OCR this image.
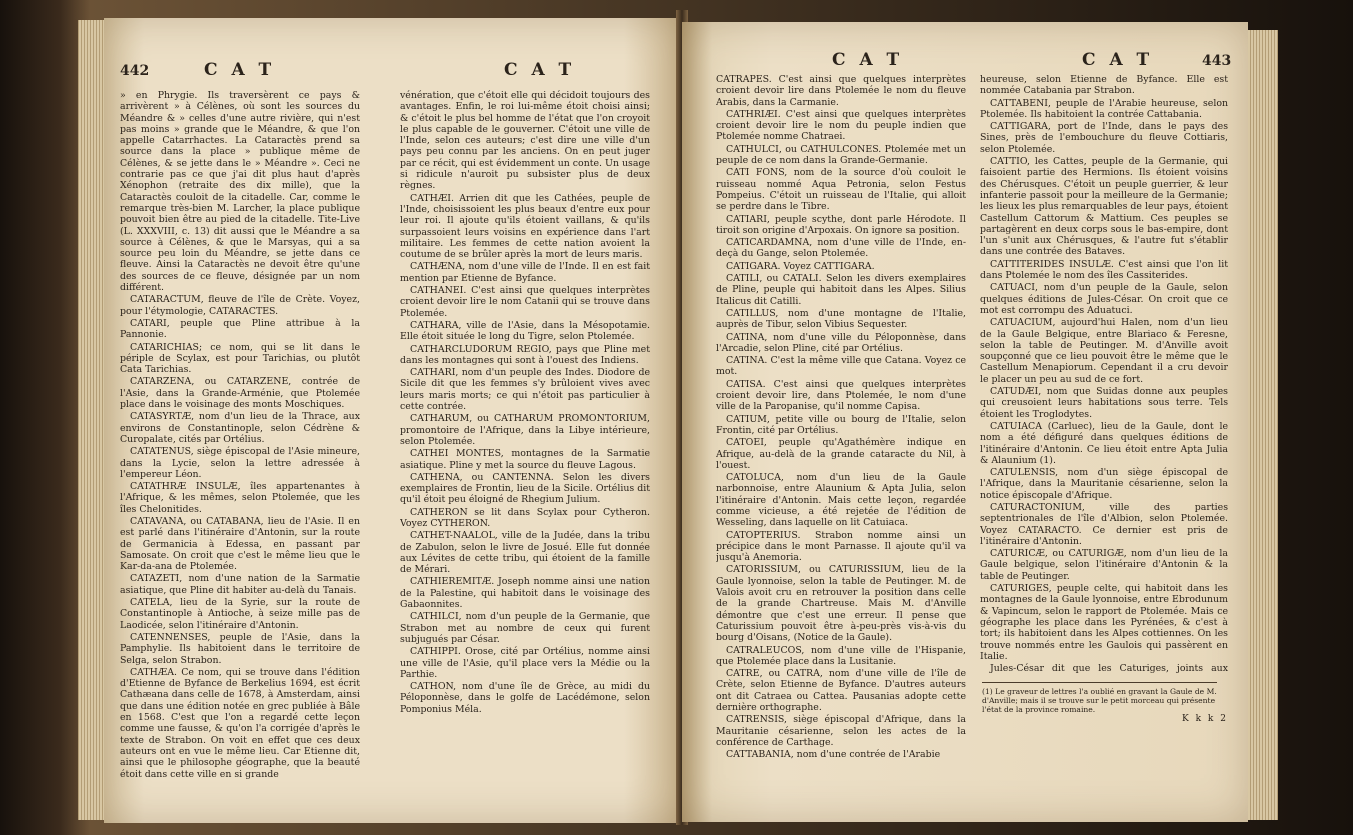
442	C A T	C A T

» en Phrygie. Ils traversèrent ce pays & arrivèrent » à Célènes, où sont les sources du Méandre & » celles d'une autre rivière, qui n'est pas moins » grande que le Méandre, & que l'on appelle Catarrhactes. La Cataractès prend sa source dans la place » publique même de Célènes, & se jette dans le » Méandre ». Ceci ne contrarie pas ce que j'ai dit plus haut d'après Xénophon (retraite des dix mille), que la Cataractès couloit de la citadelle. Car, comme le remarque très-bien M. Larcher, la place publique pouvoit bien être au pied de la citadelle. Tite-Live (L. XXXVIII, c. 13) dit aussi que le Méandre a sa source à Célènes, & que le Marsyas, qui a sa source peu loin du Méandre, se jette dans ce fleuve. Ainsi la Cataractès ne devoit être qu'une des sources de ce fleuve, désignée par un nom différent.

CATARACTUM, fleuve de l'île de Crète. Voyez, pour l'étymologie, CATARACTES.

CATARI, peuple que Pline attribue à la Pannonie.

CATARICHIAS; ce nom, qui se lit dans le périple de Scylax, est pour Tarichias, ou plutôt Cata Tarichias.

CATARZENA, ou CATARZENE, contrée de l'Asie, dans la Grande-Arménie, que Ptolemée place dans le voisinage des monts Moschiques.

CATASYRTÆ, nom d'un lieu de la Thrace, aux environs de Constantinople, selon Cédrène & Curopalate, cités par Ortélius.

CATATENUS, siège épiscopal de l'Asie mineure, dans la Lycie, selon la lettre adressée à l'empereur Léon.

CATATHRÆ INSULÆ, îles appartenantes à l'Afrique, & les mêmes, selon Ptolemée, que les îles Chelonitides.

CATAVANA, ou CATABANA, lieu de l'Asie. Il en est parlé dans l'itinéraire d'Antonin, sur la route de Germanicia à Edessa, en passant par Samosate. On croit que c'est le même lieu que le Kar-da-ana de Ptolemée.

CATAZETI, nom d'une nation de la Sarmatie asiatique, que Pline dit habiter au-delà du Tanais.

CATELA, lieu de la Syrie, sur la route de Constantinople à Antioche, à seize mille pas de Laodicée, selon l'itinéraire d'Antonin.

CATENNENSES, peuple de l'Asie, dans la Pamphylie. Ils habitoient dans le territoire de Selga, selon Strabon.

CATHÆA. Ce nom, qui se trouve dans l'édition d'Etienne de Byfance de Berkelius 1694, est écrit Cathæana dans celle de 1678, à Amsterdam, ainsi que dans une édition notée en grec publiée à Bâle en 1568. C'est que l'on a regardé cette leçon comme une fausse, & qu'on l'a corrigée d'après le texte de Strabon. On voit en effet que ces deux auteurs ont en vue le même lieu. Car Etienne dit, ainsi que le philosophe géographe, que la beauté étoit dans cette ville en si grande

vénération, que c'étoit elle qui décidoit toujours des avantages. Enfin, le roi lui-même étoit choisi ainsi; & c'étoit le plus bel homme de l'état que l'on croyoit le plus capable de le gouverner. C'étoit une ville de l'Inde, selon ces auteurs; c'est dire une ville d'un pays peu connu par les anciens. On en peut juger par ce récit, qui est évidemment un conte. Un usage si ridicule n'auroit pu subsister plus de deux règnes.

CATHÆI. Arrien dit que les Cathées, peuple de l'Inde, choisissoient les plus beaux d'entre eux pour leur roi. Il ajoute qu'ils étoient vaillans, & qu'ils surpassoient leurs voisins en expérience dans l'art militaire. Les femmes de cette nation avoient la coutume de se brûler après la mort de leurs maris.

CATHÆNA, nom d'une ville de l'Inde. Il en est fait mention par Etienne de Byfance.

CATHANEI. C'est ainsi que quelques interprètes croient devoir lire le nom Catanii qui se trouve dans Ptolemée.

CATHARA, ville de l'Asie, dans la Mésopotamie. Elle étoit située le long du Tigre, selon Ptolemée.

CATHARCLUDORUM REGIO, pays que Pline met dans les montagnes qui sont à l'ouest des Indiens.

CATHARI, nom d'un peuple des Indes. Diodore de Sicile dit que les femmes s'y brûloient vives avec leurs maris morts; ce qui n'étoit pas particulier à cette contrée.

CATHARUM, ou CATHARUM PROMONTORIUM, promontoire de l'Afrique, dans la Libye intérieure, selon Ptolemée.

CATHEI MONTES, montagnes de la Sarmatie asiatique. Pline y met la source du fleuve Lagous.

CATHENA, ou CANTENNA. Selon les divers exemplaires de Frontin, lieu de la Sicile. Ortélius dit qu'il étoit peu éloigné de Rhegium Julium.

CATHERON se lit dans Scylax pour Cytheron. Voyez CYTHERON.

CATHET-NAALOL, ville de la Judée, dans la tribu de Zabulon, selon le livre de Josué. Elle fut donnée aux Lévites de cette tribu, qui étoient de la famille de Mérari.

CATHIEREMITÆ. Joseph nomme ainsi une nation de la Palestine, qui habitoit dans le voisinage des Gabaonnites.

CATHILCI, nom d'un peuple de la Germanie, que Strabon met au nombre de ceux qui furent subjugués par César.

CATHIPPI. Orose, cité par Ortélius, nomme ainsi une ville de l'Asie, qu'il place vers la Médie ou la Parthie.

CATHON, nom d'une île de Grèce, au midi du Péloponnèse, dans le golfe de Lacédémone, selon Pomponius Méla.

C A T	C A T	443

CATRAPES. C'est ainsi que quelques interprètes croient devoir lire dans Ptolemée le nom du fleuve Arabis, dans la Carmanie.

CATHRIÆI. C'est ainsi que quelques interprètes croient devoir lire le nom du peuple indien que Ptolemée nomme Chatraei.

CATHULCI, ou CATHULCONES. Ptolemée met un peuple de ce nom dans la Grande-Germanie.

CATI FONS, nom de la source d'où couloit le ruisseau nommé Aqua Petronia, selon Festus Pompeius. C'étoit un ruisseau de l'Italie, qui alloit se perdre dans le Tibre.

CATIARI, peuple scythe, dont parle Hérodote. Il tiroit son origine d'Arpoxais. On ignore sa position.

CATICARDAMNA, nom d'une ville de l'Inde, en-deçà du Gange, selon Ptolemée.

CATIGARA. Voyez CATTIGARA.

CATILI, ou CATALI. Selon les divers exemplaires de Pline, peuple qui habitoit dans les Alpes. Silius Italicus dit Catilli.

CATILLUS, nom d'une montagne de l'Italie, auprès de Tibur, selon Vibius Sequester.

CATINA, nom d'une ville du Péloponnèse, dans l'Arcadie, selon Pline, cité par Ortélius.

CATINA. C'est la même ville que Catana. Voyez ce mot.

CATISA. C'est ainsi que quelques interprètes croient devoir lire, dans Ptolemée, le nom d'une ville de la Paropanise, qu'il nomme Capisa.

CATIUM, petite ville ou bourg de l'Italie, selon Frontin, cité par Ortélius.

CATOEI, peuple qu'Agathémère indique en Afrique, au-delà de la grande cataracte du Nil, à l'ouest.

CATOLUCA, nom d'un lieu de la Gaule narbonnoise, entre Alaunium & Apta Julia, selon l'itinéraire d'Antonin. Mais cette leçon, regardée comme vicieuse, a été rejetée de l'édition de Wesseling, dans laquelle on lit Catuiaca.

CATOPTERIUS. Strabon nomme ainsi un précipice dans le mont Parnasse. Il ajoute qu'il va jusqu'à Anemoria.

CATORISSIUM, ou CATURISSIUM, lieu de la Gaule lyonnoise, selon la table de Peutinger. M. de Valois avoit cru en retrouver la position dans celle de la grande Chartreuse. Mais M. d'Anville démontre que c'est une erreur. Il pense que Caturissium pouvoit être à-peu-près vis-à-vis du bourg d'Oisans, (Notice de la Gaule).

CATRALEUCOS, nom d'une ville de l'Hispanie, que Ptolemée place dans la Lusitanie.

CATRE, ou CATRA, nom d'une ville de l'île de Crète, selon Etienne de Byfance. D'autres auteurs ont dit Catraea ou Cattea. Pausanias adopte cette dernière orthographe.

CATRENSIS, siège épiscopal d'Afrique, dans la Mauritanie césarienne, selon les actes de la conférence de Carthage.

CATTABANIA, nom d'une contrée de l'Arabie

heureuse, selon Etienne de Byfance. Elle est nommée Catabania par Strabon.

CATTABENI, peuple de l'Arabie heureuse, selon Ptolemée. Ils habitoient la contrée Cattabania.

CATTIGARA, port de l'Inde, dans le pays des Sines, près de l'embouchure du fleuve Cottiaris, selon Ptolemée.

CATTIO, les Cattes, peuple de la Germanie, qui faisoient partie des Hermions. Ils étoient voisins des Chérusques. C'étoit un peuple guerrier, & leur infanterie passoit pour la meilleure de la Germanie; les lieux les plus remarquables de leur pays, étoient Castellum Cattorum & Mattium. Ces peuples se partagèrent en deux corps sous le bas-empire, dont l'un s'unit aux Chérusques, & l'autre fut s'établir dans une contrée des Bataves.

CATTITERIDES INSULÆ. C'est ainsi que l'on lit dans Ptolemée le nom des îles Cassiterides.

CATUACI, nom d'un peuple de la Gaule, selon quelques éditions de Jules-César. On croit que ce mot est corrompu des Aduatuci.

CATUACIUM, aujourd'hui Halen, nom d'un lieu de la Gaule Belgique, entre Blariaco & Feresne, selon la table de Peutinger. M. d'Anville avoit soupçonné que ce lieu pouvoit être le même que le Castellum Menapiorum. Cependant il a cru devoir le placer un peu au sud de ce fort.

CATUDÆI, nom que Suidas donne aux peuples qui creusoient leurs habitations sous terre. Tels étoient les Troglodytes.

CATUIACA (Carluec), lieu de la Gaule, dont le nom a été défiguré dans quelques éditions de l'itinéraire d'Antonin. Ce lieu étoit entre Apta Julia & Alaunium (1).

CATULENSIS, nom d'un siège épiscopal de l'Afrique, dans la Mauritanie césarienne, selon la notice épiscopale d'Afrique.

CATURACTONIUM, ville des parties septentrionales de l'île d'Albion, selon Ptolemée. Voyez CATARACTO. Ce dernier est pris de l'itinéraire d'Antonin.

CATURICÆ, ou CATURIGÆ, nom d'un lieu de la Gaule belgique, selon l'itinéraire d'Antonin & la table de Peutinger.

CATURIGES, peuple celte, qui habitoit dans les montagnes de la Gaule lyonnoise, entre Ebrodunum & Vapincum, selon le rapport de Ptolemée. Mais ce géographe les place dans les Pyrénées, & c'est à tort; ils habitoient dans les Alpes cottiennes. On les trouve nommés entre les Gaulois qui passèrent en Italie.

Jules-César dit que les Caturiges, joints aux

(1) Le graveur de lettres l'a oublié en gravant la Gaule de M. d'Anville; mais il se trouve sur le petit morceau qui présente l'état de la province romaine.
K k k 2
